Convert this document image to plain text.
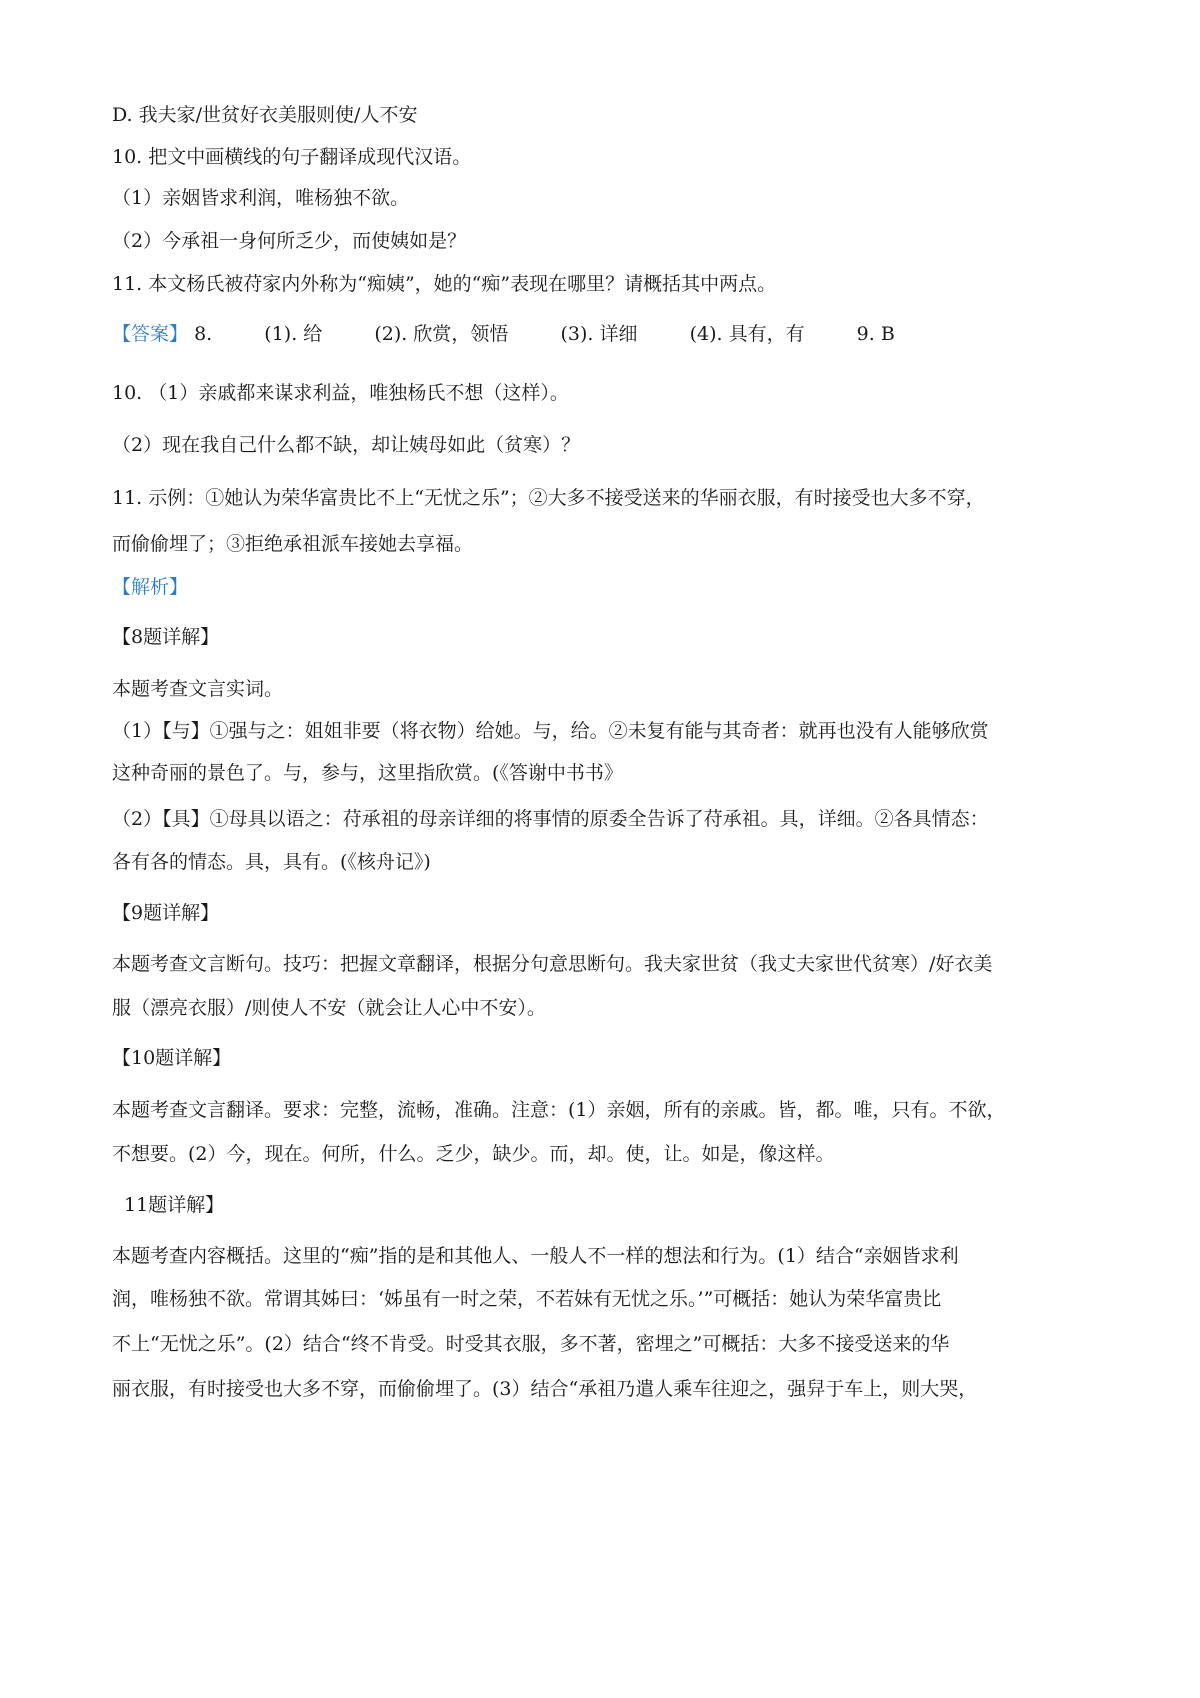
D. 我夫家/世贫好衣美服则使/人不安

10. 把文中画横线的句子翻译成现代汉语。

（1）亲姻皆求利润，唯杨独不欲。

（2）今承祖一身何所乏少，而使姨如是？

11. 本文杨氏被苻家内外称为“痴姨”，她的“痴”表现在哪里？请概括其中两点。

【答案】 8.	(1). 给	(2). 欣赏，领悟	(3). 详细	(4). 具有，有	9. B

10. （1）亲戚都来谋求利益，唯独杨氏不想（这样）。

（2）现在我自己什么都不缺，却让姨母如此（贫寒）？

11. 示例：①她认为荣华富贵比不上“无忧之乐”；②大多不接受送来的华丽衣服，有时接受也大多不穿，

而偷偷埋了；③拒绝承祖派车接她去享福。

【解析】

【8题详解】

本题考查文言实词。

（1）【与】①强与之：姐姐非要（将衣物）给她。与，给。②未复有能与其奇者：就再也没有人能够欣赏

这种奇丽的景色了。与，参与，这里指欣赏。(《答谢中书书》

（2）【具】①母具以语之：苻承祖的母亲详细的将事情的原委全告诉了苻承祖。具，详细。②各具情态：

各有各的情态。具，具有。(《核舟记》)

【9题详解】

本题考查文言断句。技巧：把握文章翻译，根据分句意思断句。我夫家世贫（我丈夫家世代贫寒）/好衣美

服（漂亮衣服）/则使人不安（就会让人心中不安）。

【10题详解】

本题考查文言翻译。要求：完整，流畅，准确。注意：(1）亲姻，所有的亲戚。皆，都。唯，只有。不欲，

不想要。(2）今，现在。何所，什么。乏少，缺少。而，却。使，让。如是，像这样。

11题详解】

本题考查内容概括。这里的“痴”指的是和其他人、一般人不一样的想法和行为。(1）结合“亲姻皆求利

润，唯杨独不欲。常谓其姊曰：‘姊虽有一时之荣，不若妹有无忧之乐。’”可概括：她认为荣华富贵比

不上“无忧之乐”。(2）结合“终不肯受。时受其衣服，多不著，密埋之”可概括：大多不接受送来的华

丽衣服，有时接受也大多不穿，而偷偷埋了。(3）结合“承祖乃遣人乘车往迎之，强舁于车上，则大哭，
